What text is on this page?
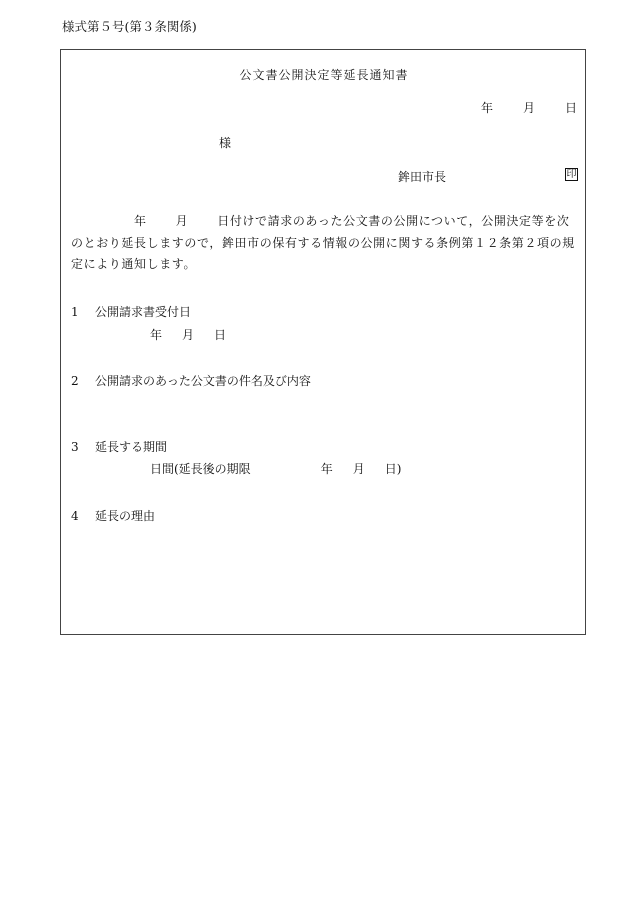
様式第５号(第３条関係)
公文書公開決定等延長通知書
年	月	日
様
鉾田市長	印
年 月 日付けで請求のあった公文書の公開について，公開決定等を次のとおり延長しますので，鉾田市の保有する情報の公開に関する条例第１２条第２項の規定により通知します。
1 公開請求書受付日
年 月 日
2 公開請求のあった公文書の件名及び内容
3 延長する期間
日間(延長後の期限	年 月 日)
4 延長の理由
